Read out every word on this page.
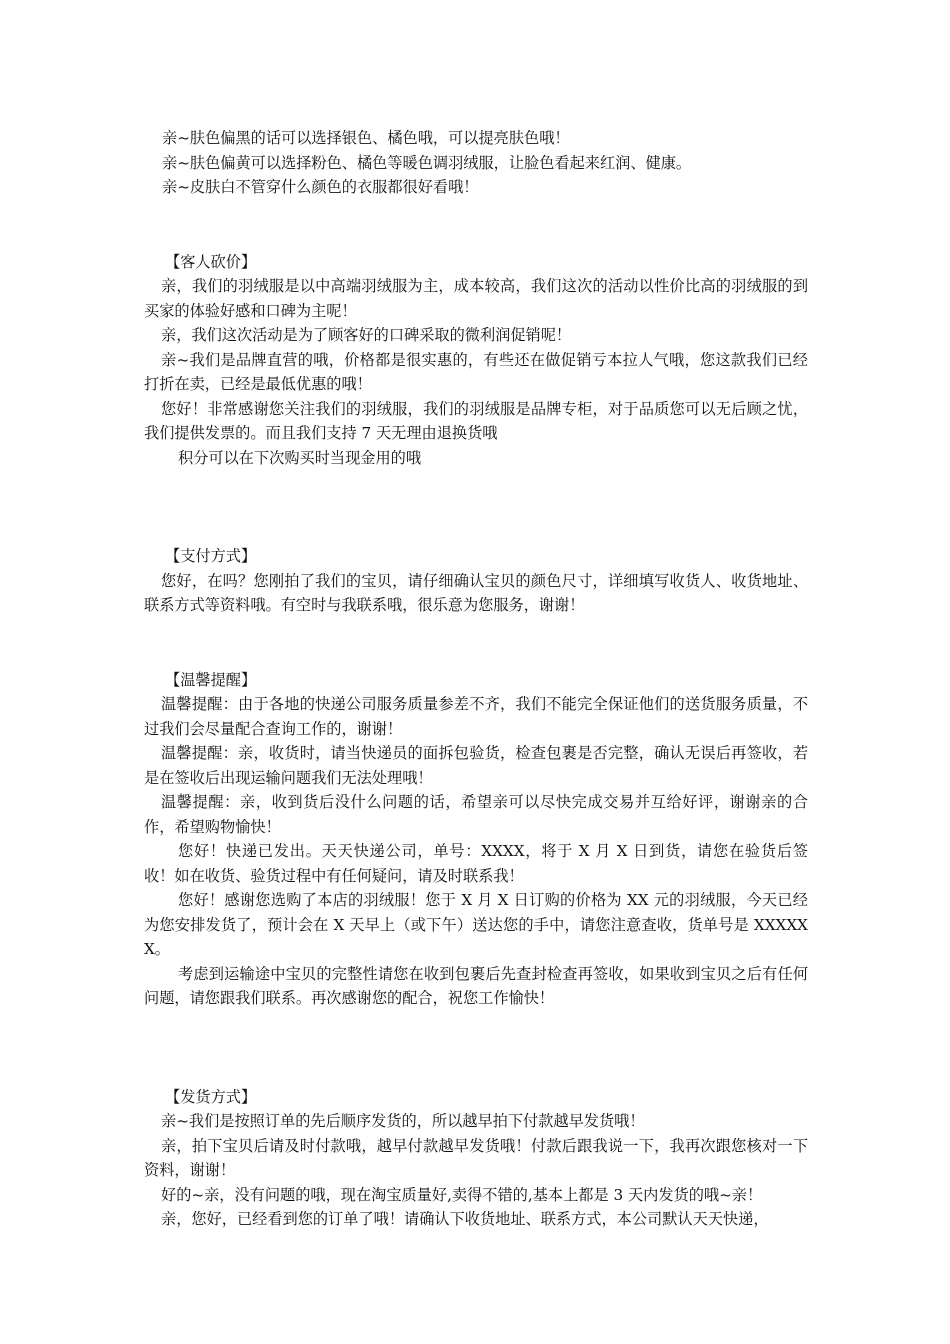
亲~肤色偏黑的话可以选择银色、橘色哦，可以提亮肤色哦！

亲~肤色偏黄可以选择粉色、橘色等暖色调羽绒服，让脸色看起来红润、健康。

亲~皮肤白不管穿什么颜色的衣服都很好看哦！

【客人砍价】

亲，我们的羽绒服是以中高端羽绒服为主，成本较高，我们这次的活动以性价比高的羽绒服的到买家的体验好感和口碑为主呢！

亲，我们这次活动是为了顾客好的口碑采取的微利润促销呢！

亲~我们是品牌直营的哦，价格都是很实惠的，有些还在做促销亏本拉人气哦，您这款我们已经打折在卖，已经是最低优惠的哦！

您好！非常感谢您关注我们的羽绒服，我们的羽绒服是品牌专柜，对于品质您可以无后顾之忧，我们提供发票的。而且我们支持 7 天无理由退换货哦

积分可以在下次购买时当现金用的哦

【支付方式】

您好，在吗？您刚拍了我们的宝贝，请仔细确认宝贝的颜色尺寸，详细填写收货人、收货地址、联系方式等资料哦。有空时与我联系哦，很乐意为您服务，谢谢！

【温馨提醒】

温馨提醒：由于各地的快递公司服务质量参差不齐，我们不能完全保证他们的送货服务质量，不过我们会尽量配合查询工作的，谢谢！

温馨提醒：亲，收货时，请当快递员的面拆包验货，检查包裹是否完整，确认无误后再签收，若是在签收后出现运输问题我们无法处理哦！

温馨提醒：亲，收到货后没什么问题的话，希望亲可以尽快完成交易并互给好评，谢谢亲的合作，希望购物愉快！

您好！快递已发出。天天快递公司，单号：XXXX，将于 X 月 X 日到货，请您在验货后签收！如在收货、验货过程中有任何疑问，请及时联系我！

您好！感谢您选购了本店的羽绒服！您于 X 月 X 日订购的价格为 XX 元的羽绒服，今天已经为您安排发货了，预计会在 X 天早上（或下午）送达您的手中，请您注意查收，货单号是 XXXXXX。

考虑到运输途中宝贝的完整性请您在收到包裹后先查封检查再签收，如果收到宝贝之后有任何问题，请您跟我们联系。再次感谢您的配合，祝您工作愉快！

【发货方式】

亲~我们是按照订单的先后顺序发货的，所以越早拍下付款越早发货哦！

亲，拍下宝贝后请及时付款哦，越早付款越早发货哦！付款后跟我说一下，我再次跟您核对一下资料，谢谢！

好的~亲，没有问题的哦，现在淘宝质量好,卖得不错的,基本上都是 3 天内发货的哦~亲！

亲，您好，已经看到您的订单了哦！请确认下收货地址、联系方式，本公司默认天天快递，
